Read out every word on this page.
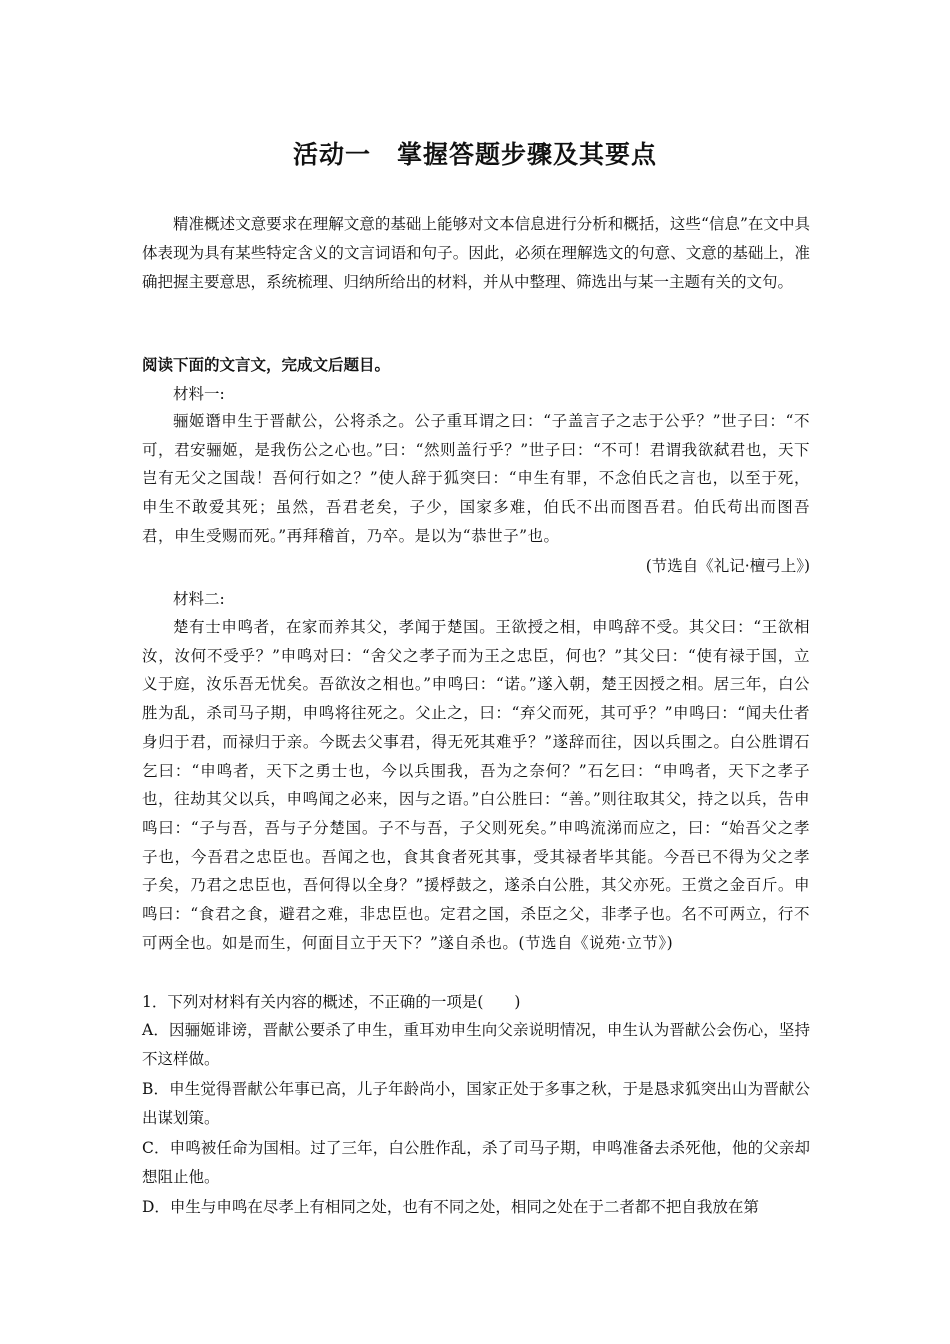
活动一　掌握答题步骤及其要点

精准概述文意要求在理解文意的基础上能够对文本信息进行分析和概括，这些“信息”在文中具体表现为具有某些特定含义的文言词语和句子。因此，必须在理解选文的句意、文意的基础上，准确把握主要意思，系统梳理、归纳所给出的材料，并从中整理、筛选出与某一主题有关的文句。

阅读下面的文言文，完成文后题目。
材料一:

骊姬谮申生于晋献公，公将杀之。公子重耳谓之曰：“子盖言子之志于公乎？”世子曰：“不可，君安骊姬，是我伤公之心也。”曰：“然则盖行乎？”世子曰：“不可！君谓我欲弑君也，天下岂有无父之国哉！吾何行如之？”使人辞于狐突曰：“申生有罪，不念伯氏之言也，以至于死，申生不敢爱其死；虽然，吾君老矣，子少，国家多难，伯氏不出而图吾君。伯氏苟出而图吾君，申生受赐而死。”再拜稽首，乃卒。是以为“恭世子”也。

(节选自《礼记·檀弓上》)
材料二:

楚有士申鸣者，在家而养其父，孝闻于楚国。王欲授之相，申鸣辞不受。其父曰：“王欲相汝，汝何不受乎？”申鸣对曰：“舍父之孝子而为王之忠臣，何也？”其父曰：“使有禄于国，立义于庭，汝乐吾无忧矣。吾欲汝之相也。”申鸣曰：“诺。”遂入朝，楚王因授之相。居三年，白公胜为乱，杀司马子期，申鸣将往死之。父止之，曰：“弃父而死，其可乎？”申鸣曰：“闻夫仕者身归于君，而禄归于亲。今既去父事君，得无死其难乎？”遂辞而往，因以兵围之。白公胜谓石乞曰：“申鸣者，天下之勇士也，今以兵围我，吾为之奈何？”石乞曰：“申鸣者，天下之孝子也，往劫其父以兵，申鸣闻之必来，因与之语。”白公胜曰：“善。”则往取其父，持之以兵，告申鸣曰：“子与吾，吾与子分楚国。子不与吾，子父则死矣。”申鸣流涕而应之，曰：“始吾父之孝子也，今吾君之忠臣也。吾闻之也，食其食者死其事，受其禄者毕其能。今吾已不得为父之孝子矣，乃君之忠臣也，吾何得以全身？”援桴鼓之，遂杀白公胜，其父亦死。王赏之金百斤。申鸣曰：“食君之食，避君之难，非忠臣也。定君之国，杀臣之父，非孝子也。名不可两立，行不可两全也。如是而生，何面目立于天下？”遂自杀也。(节选自《说苑·立节》)

1．下列对材料有关内容的概述，不正确的一项是(　　)

A．因骊姬诽谤，晋献公要杀了申生，重耳劝申生向父亲说明情况，申生认为晋献公会伤心，坚持不这样做。

B．申生觉得晋献公年事已高，儿子年龄尚小，国家正处于多事之秋，于是恳求狐突出山为晋献公出谋划策。

C．申鸣被任命为国相。过了三年，白公胜作乱，杀了司马子期，申鸣准备去杀死他，他的父亲却想阻止他。

D．申生与申鸣在尽孝上有相同之处，也有不同之处，相同之处在于二者都不把自我放在第
